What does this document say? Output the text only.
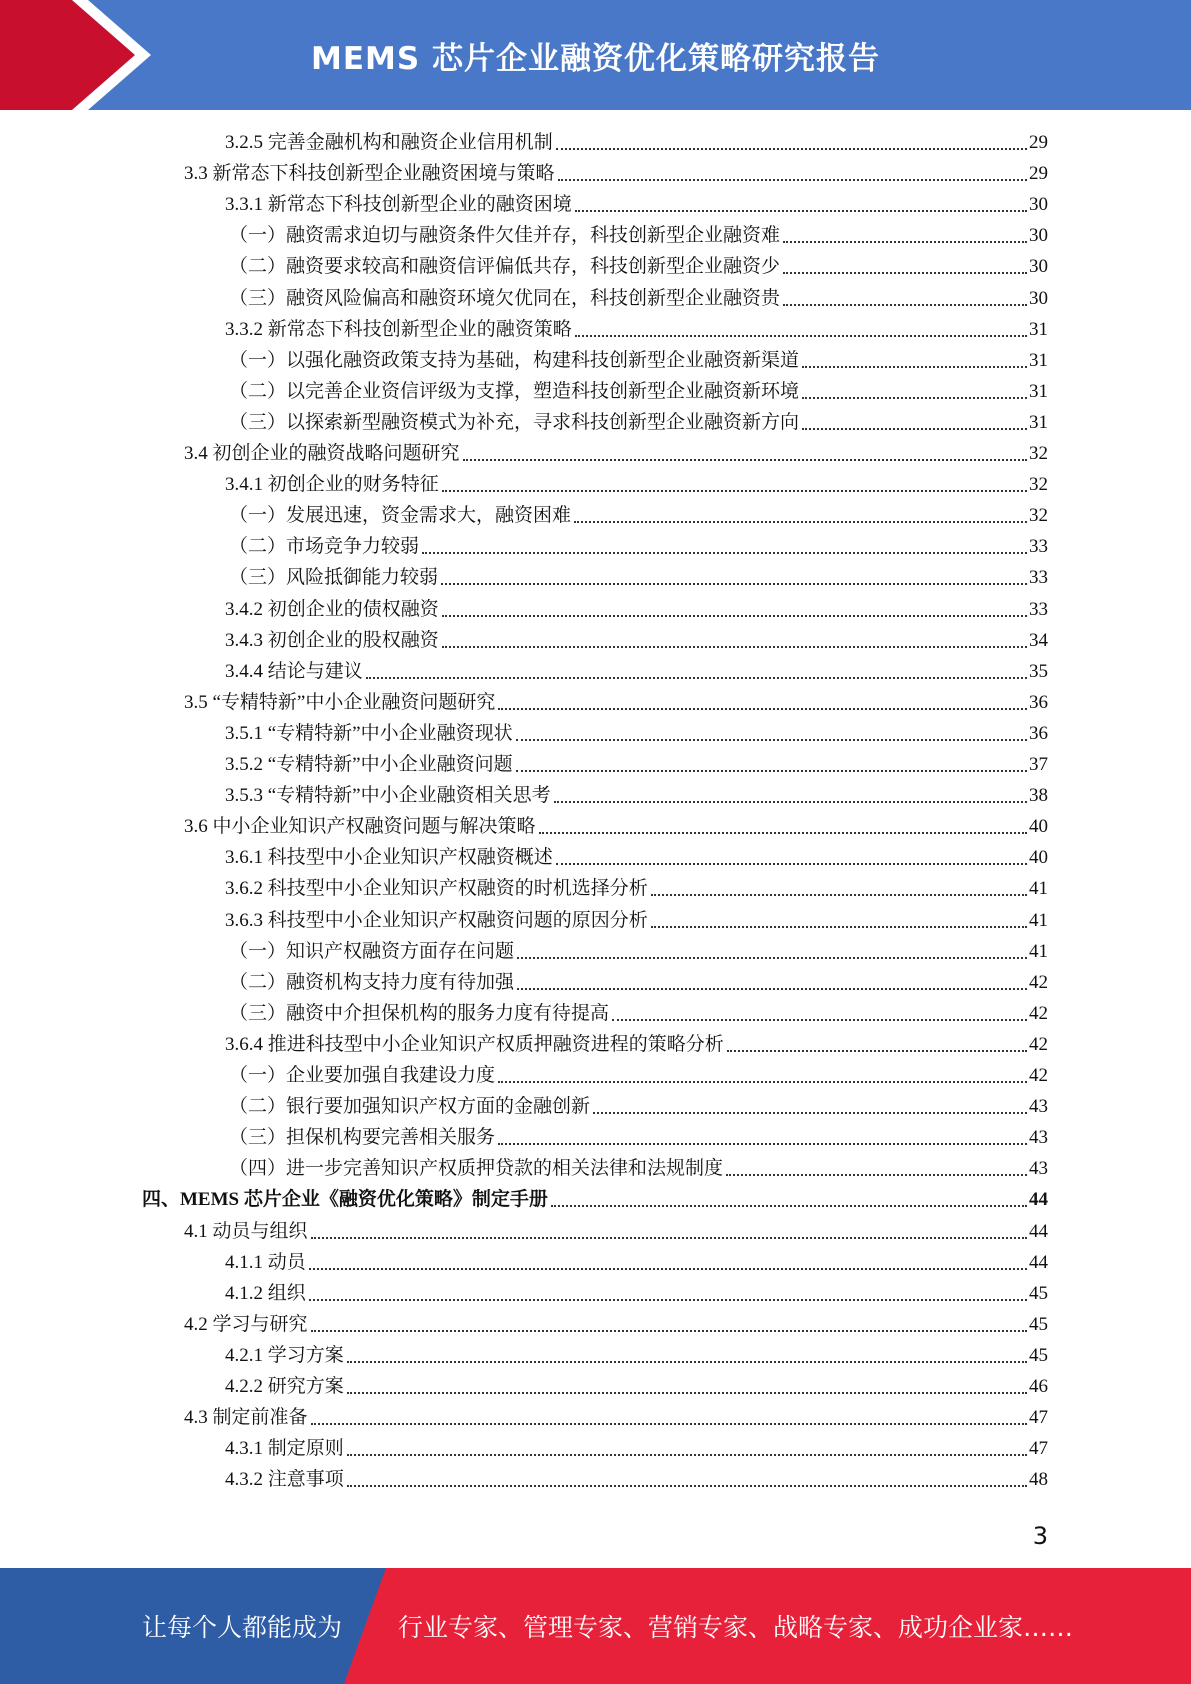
MEMS 芯片企业融资优化策略研究报告
3.2.5 完善金融机构和融资企业信用机制	29
3.3 新常态下科技创新型企业融资困境与策略	29
3.3.1 新常态下科技创新型企业的融资困境	30
（一）融资需求迫切与融资条件欠佳并存，科技创新型企业融资难	30
（二）融资要求较高和融资信评偏低共存，科技创新型企业融资少	30
（三）融资风险偏高和融资环境欠优同在，科技创新型企业融资贵	30
3.3.2 新常态下科技创新型企业的融资策略	31
（一）以强化融资政策支持为基础，构建科技创新型企业融资新渠道	31
（二）以完善企业资信评级为支撑，塑造科技创新型企业融资新环境	31
（三）以探索新型融资模式为补充，寻求科技创新型企业融资新方向	31
3.4 初创企业的融资战略问题研究	32
3.4.1 初创企业的财务特征	32
（一）发展迅速，资金需求大，融资困难	32
（二）市场竞争力较弱	33
（三）风险抵御能力较弱	33
3.4.2 初创企业的债权融资	33
3.4.3 初创企业的股权融资	34
3.4.4 结论与建议	35
3.5 “专精特新”中小企业融资问题研究	36
3.5.1 “专精特新”中小企业融资现状	36
3.5.2 “专精特新”中小企业融资问题	37
3.5.3 “专精特新”中小企业融资相关思考	38
3.6 中小企业知识产权融资问题与解决策略	40
3.6.1 科技型中小企业知识产权融资概述	40
3.6.2 科技型中小企业知识产权融资的时机选择分析	41
3.6.3 科技型中小企业知识产权融资问题的原因分析	41
（一）知识产权融资方面存在问题	41
（二）融资机构支持力度有待加强	42
（三）融资中介担保机构的服务力度有待提高	42
3.6.4 推进科技型中小企业知识产权质押融资进程的策略分析	42
（一）企业要加强自我建设力度	42
（二）银行要加强知识产权方面的金融创新	43
（三）担保机构要完善相关服务	43
（四）进一步完善知识产权质押贷款的相关法律和法规制度	43
四、MEMS 芯片企业《融资优化策略》制定手册	44
4.1 动员与组织	44
4.1.1 动员	44
4.1.2 组织	45
4.2 学习与研究	45
4.2.1 学习方案	45
4.2.2 研究方案	46
4.3 制定前准备	47
4.3.1 制定原则	47
4.3.2 注意事项	48
3
让每个人都能成为 行业专家、管理专家、营销专家、战略专家、成功企业家……
